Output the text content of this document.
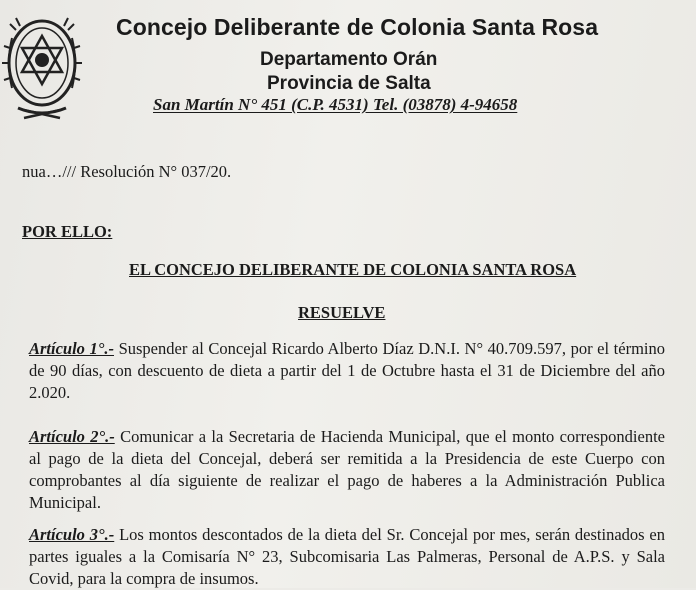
Concejo Deliberante de Colonia Santa Rosa
Departamento Orán
Provincia de Salta
San Martín N° 451 (C.P. 4531) Tel. (03878) 4-94658
nua…/// Resolución N° 037/20.
POR ELLO:
EL CONCEJO DELIBERANTE DE COLONIA SANTA ROSA
RESUELVE
Artículo 1°.- Suspender al Concejal Ricardo Alberto Díaz D.N.I. N° 40.709.597, por el término de 90 días, con descuento de dieta a partir del 1 de Octubre hasta el 31 de Diciembre del año 2.020.
Artículo 2°.- Comunicar a la Secretaria de Hacienda Municipal, que el monto correspondiente al pago de la dieta del Concejal, deberá ser remitida a la Presidencia de este Cuerpo con comprobantes al día siguiente de realizar el pago de haberes a la Administración Publica Municipal.
Artículo 3°.- Los montos descontados de la dieta del Sr. Concejal por mes, serán destinados en partes iguales a la Comisaría N° 23, Subcomisaria Las Palmeras, Personal de A.P.S. y Sala Covid, para la compra de insumos.
